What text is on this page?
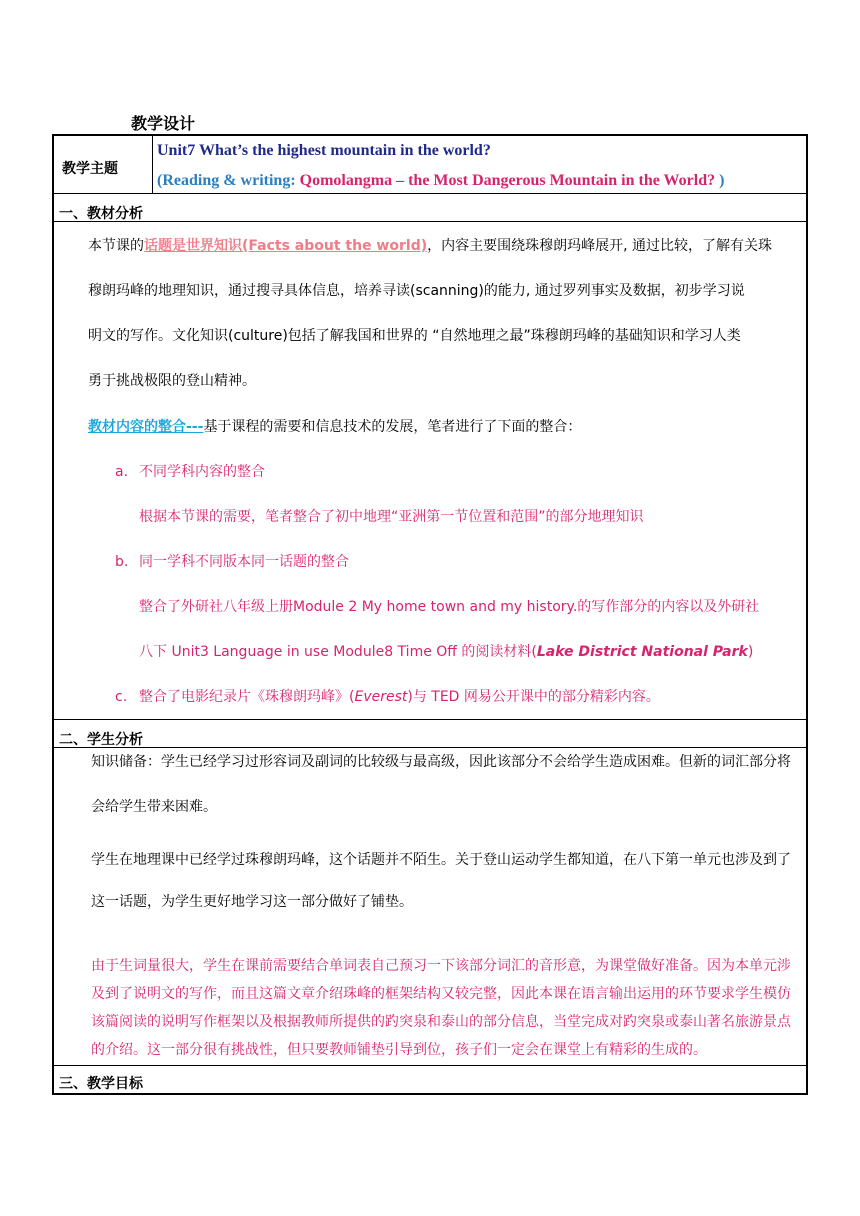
教学设计
教学主题
Unit7 What’s the highest mountain in the world?
(Reading & writing: Qomolangma – the Most Dangerous Mountain in the World? )
一、教材分析
本节课的话题是世界知识(Facts about the world)，内容主要围绕珠穆朗玛峰展开, 通过比较，了解有关珠
穆朗玛峰的地理知识，通过搜寻具体信息，培养寻读(scanning)的能力, 通过罗列事实及数据，初步学习说
明文的写作。文化知识(culture)包括了解我国和世界的 “自然地理之最”珠穆朗玛峰的基础知识和学习人类
勇于挑战极限的登山精神。
教材内容的整合---基于课程的需要和信息技术的发展，笔者进行了下面的整合：
a. 不同学科内容的整合
根据本节课的需要，笔者整合了初中地理“亚洲第一节位置和范围”的部分地理知识
b. 同一学科不同版本同一话题的整合
整合了外研社八年级上册Module 2 My home town and my history.的写作部分的内容以及外研社
八下 Unit3 Language in use Module8 Time Off 的阅读材料(Lake District National Park)
c. 整合了电影纪录片《珠穆朗玛峰》(Everest)与 TED 网易公开课中的部分精彩内容。
二、学生分析
知识储备：学生已经学习过形容词及副词的比较级与最高级，因此该部分不会给学生造成困难。但新的词汇部分将
会给学生带来困难。
学生在地理课中已经学过珠穆朗玛峰，这个话题并不陌生。关于登山运动学生都知道，在八下第一单元也涉及到了
这一话题，为学生更好地学习这一部分做好了铺垫。
由于生词量很大，学生在课前需要结合单词表自己预习一下该部分词汇的音形意，为课堂做好准备。因为本单元涉
及到了说明文的写作，而且这篇文章介绍珠峰的框架结构又较完整，因此本课在语言输出运用的环节要求学生模仿
该篇阅读的说明写作框架以及根据教师所提供的趵突泉和泰山的部分信息，当堂完成对趵突泉或泰山著名旅游景点
的介绍。这一部分很有挑战性，但只要教师铺垫引导到位，孩子们一定会在课堂上有精彩的生成的。
三、教学目标
